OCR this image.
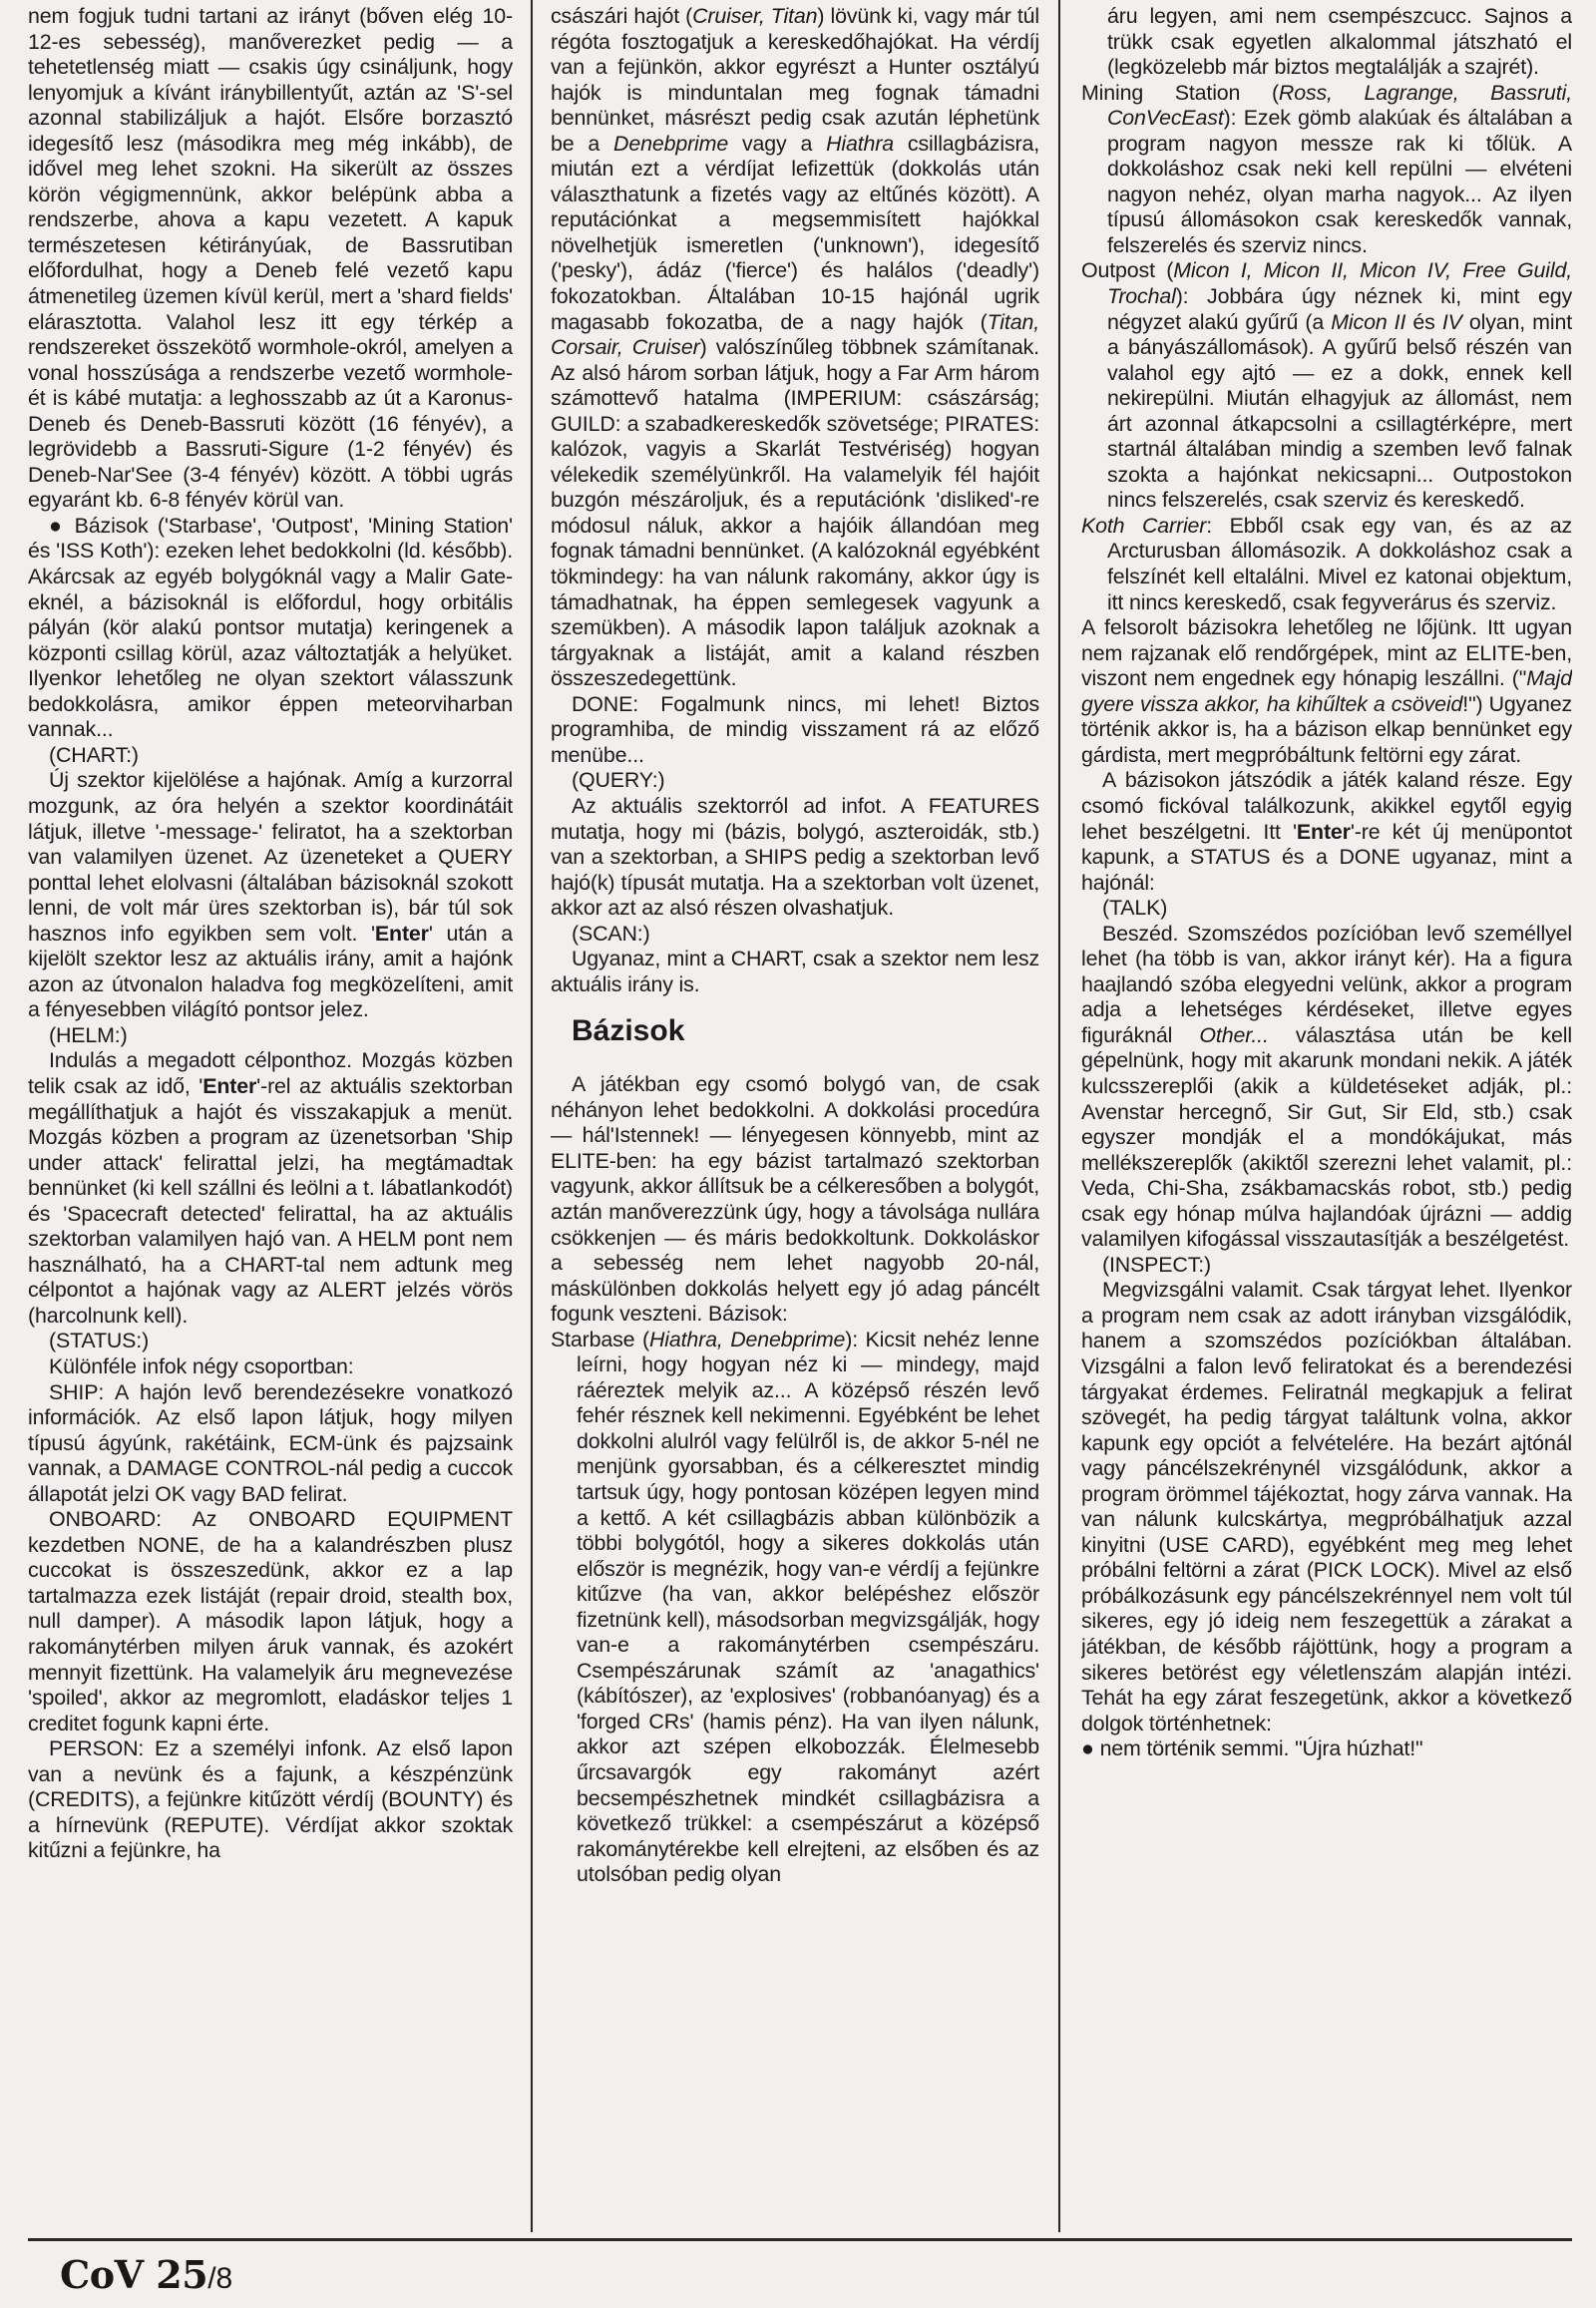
nem fogjuk tudni tartani az irányt (bőven elég 10-12-es sebesség), manőverezket pedig — a tehetetlenség miatt — csakis úgy csináljunk, hogy lenyomjuk a kívánt iránybillentyűt, aztán az 'S'-sel azonnal stabilizáljuk a hajót. Elsőre borzasztó idegesítő lesz (másodikra meg még inkább), de idővel meg lehet szokni. Ha sikerült az összes körön végigmennünk, akkor belépünk abba a rendszerbe, ahova a kapu vezetett. A kapuk természetesen kétirányúak, de Bassrutiban előfordulhat, hogy a Deneb felé vezető kapu átmenetileg üzemen kívül kerül, mert a 'shard fields' elárasztotta. Valahol lesz itt egy térkép a rendszereket összekötő wormhole-okról, amelyen a vonal hosszúsága a rendszerbe vezető wormhole-ét is kábé mutatja: a leghosszabb az út a Karonus-Deneb és Deneb-Bassruti között (16 fényév), a legrövidebb a Bassruti-Sigure (1-2 fényév) és Deneb-Nar'See (3-4 fényév) között. A többi ugrás egyaránt kb. 6-8 fényév körül van.

● Bázisok ('Starbase', 'Outpost', 'Mining Station' és 'ISS Koth'): ezeken lehet bedokkolni (ld. később). Akárcsak az egyéb bolygóknál vagy a Malir Gate-eknél, a bázisoknál is előfordul, hogy orbitális pályán (kör alakú pontsor mutatja) keringenek a központi csillag körül, azaz változtatják a helyüket. Ilyenkor lehetőleg ne olyan szektort válasszunk bedokkolásra, amikor éppen meteorviharban vannak...

(CHART:)

Új szektor kijelölése a hajónak. Amíg a kurzorral mozgunk, az óra helyén a szektor koordinátáit látjuk, illetve '-message-' feliratot, ha a szektorban van valamilyen üzenet. Az üzeneteket a QUERY ponttal lehet elolvasni (általában bázisoknál szokott lenni, de volt már üres szektorban is), bár túl sok hasznos info egyikben sem volt. 'Enter' után a kijelölt szektor lesz az aktuális irány, amit a hajónk azon az útvonalon haladva fog megközelíteni, amit a fényesebben világító pontsor jelez.

(HELM:)

Indulás a megadott célponthoz. Mozgás közben telik csak az idő, 'Enter'-rel az aktuális szektorban megállíthatjuk a hajót és visszakapjuk a menüt. Mozgás közben a program az üzenetsorban 'Ship under attack' felirattal jelzi, ha megtámadtak bennünket (ki kell szállni és leölni a t. lábatlankodót) és 'Spacecraft detected' felirattal, ha az aktuális szektorban valamilyen hajó van. A HELM pont nem használható, ha a CHART-tal nem adtunk meg célpontot a hajónak vagy az ALERT jelzés vörös (harcolnunk kell).

(STATUS:)

Különféle infok négy csoportban:

SHIP: A hajón levő berendezésekre vonatkozó információk. Az első lapon látjuk, hogy milyen típusú ágyúnk, rakétáink, ECM-ünk és pajzsaink vannak, a DAMAGE CONTROL-nál pedig a cuccok állapotát jelzi OK vagy BAD felirat.

ONBOARD: Az ONBOARD EQUIPMENT kezdetben NONE, de ha a kalandrészben plusz cuccokat is összeszedünk, akkor ez a lap tartalmazza ezek listáját (repair droid, stealth box, null damper). A második lapon látjuk, hogy a rakománytérben milyen áruk vannak, és azokért mennyit fizettünk. Ha valamelyik áru megnevezése 'spoiled', akkor az megromlott, eladáskor teljes 1 creditet fogunk kapni érte.

PERSON: Ez a személyi infonk. Az első lapon van a nevünk és a fajunk, a készpénzünk (CREDITS), a fejünkre kitűzött vérdíj (BOUNTY) és a hírnevünk (REPUTE). Vérdíjat akkor szoktak kitűzni a fejünkre, ha

császári hajót (Cruiser, Titan) lövünk ki, vagy már túl régóta fosztogatjuk a kereskedőhajókat. Ha vérdíj van a fejünkön, akkor egyrészt a Hunter osztályú hajók is minduntalan meg fognak támadni bennünket, másrészt pedig csak azután léphetünk be a Denebprime vagy a Hiathra csillagbázisra, miután ezt a vérdíjat lefizettük (dokkolás után választhatunk a fizetés vagy az eltűnés között). A reputációnkat a megsemmisített hajókkal növelhetjük ismeretlen ('unknown'), idegesítő ('pesky'), ádáz ('fierce') és halálos ('deadly') fokozatokban. Általában 10-15 hajónál ugrik magasabb fokozatba, de a nagy hajók (Titan, Corsair, Cruiser) valószínűleg többnek számítanak. Az alsó három sorban látjuk, hogy a Far Arm három számottevő hatalma (IMPERIUM: császárság; GUILD: a szabadkereskedők szövetsége; PIRATES: kalózok, vagyis a Skarlát Testvériség) hogyan vélekedik személyünkről. Ha valamelyik fél hajóit buzgón mészároljuk, és a reputációnk 'disliked'-re módosul náluk, akkor a hajóik állandóan meg fognak támadni bennünket. (A kalózoknál egyébként tökmindegy: ha van nálunk rakomány, akkor úgy is támadhatnak, ha éppen semlegesek vagyunk a szemükben). A második lapon találjuk azoknak a tárgyaknak a listáját, amit a kaland részben összeszedegettünk.

DONE: Fogalmunk nincs, mi lehet! Biztos programhiba, de mindig visszament rá az előző menübe...

(QUERY:)

Az aktuális szektorról ad infot. A FEATURES mutatja, hogy mi (bázis, bolygó, aszteroidák, stb.) van a szektorban, a SHIPS pedig a szektorban levő hajó(k) típusát mutatja. Ha a szektorban volt üzenet, akkor azt az alsó részen olvashatjuk.

(SCAN:)

Ugyanaz, mint a CHART, csak a szektor nem lesz aktuális irány is.

Bázisok

A játékban egy csomó bolygó van, de csak néhányon lehet bedokkolni. A dokkolási procedúra — hál'Istennek! — lényegesen könnyebb, mint az ELITE-ben: ha egy bázist tartalmazó szektorban vagyunk, akkor állítsuk be a célkeresőben a bolygót, aztán manőverezzünk úgy, hogy a távolsága nullára csökkenjen — és máris bedokkoltunk. Dokkoláskor a sebesség nem lehet nagyobb 20-nál, máskülönben dokkolás helyett egy jó adag páncélt fogunk veszteni. Bázisok:

Starbase (Hiathra, Denebprime): Kicsit nehéz lenne leírni, hogy hogyan néz ki — mindegy, majd ráéreztek melyik az... A középső részén levő fehér résznek kell nekimenni. Egyébként be lehet dokkolni alulról vagy felülről is, de akkor 5-nél ne menjünk gyorsabban, és a célkeresztet mindig tartsuk úgy, hogy pontosan középen legyen mind a kettő. A két csillagbázis abban különbözik a többi bolygótól, hogy a sikeres dokkolás után először is megnézik, hogy van-e vérdíj a fejünkre kitűzve (ha van, akkor belépéshez először fizetnünk kell), másodsorban megvizsgálják, hogy van-e a rakománytérben csempészáru. Csempészárunak számít az 'anagathics' (kábítószer), az 'explosives' (robbanóanyag) és a 'forged CRs' (hamis pénz). Ha van ilyen nálunk, akkor azt szépen elkobozzák. Élelmesebb űrcsavargók egy rakományt azért becsempészhetnek mindkét csillagbázisra a következő trükkel: a csempészárut a középső rakománytérekbe kell elrejteni, az elsőben és az utolsóban pedig olyan

áru legyen, ami nem csempészcucc. Sajnos a trükk csak egyetlen alkalommal játszható el (legközelebb már biztos megtalálják a szajrét).

Mining Station (Ross, Lagrange, Bassruti, ConVecEast): Ezek gömb alakúak és általában a program nagyon messze rak ki tőlük. A dokkoláshoz csak neki kell repülni — elvéteni nagyon nehéz, olyan marha nagyok... Az ilyen típusú állomásokon csak kereskedők vannak, felszerelés és szerviz nincs.

Outpost (Micon I, Micon II, Micon IV, Free Guild, Trochal): Jobbára úgy néznek ki, mint egy négyzet alakú gyűrű (a Micon II és IV olyan, mint a bányászállomások). A gyűrű belső részén van valahol egy ajtó — ez a dokk, ennek kell nekirepülni. Miután elhagyjuk az állomást, nem árt azonnal átkapcsolni a csillagtérképre, mert startnál általában mindig a szemben levő falnak szokta a hajónkat nekicsapni... Outpostokon nincs felszerelés, csak szerviz és kereskedő.

Koth Carrier: Ebből csak egy van, és az az Arcturusban állomásozik. A dokkoláshoz csak a felszínét kell eltalálni. Mivel ez katonai objektum, itt nincs kereskedő, csak fegyverárus és szerviz.

A felsorolt bázisokra lehetőleg ne lőjünk. Itt ugyan nem rajzanak elő rendőrgépek, mint az ELITE-ben, viszont nem engednek egy hónapig leszállni. ("Majd gyere vissza akkor, ha kihűltek a csöveid!") Ugyanez történik akkor is, ha a bázison elkap bennünket egy gárdista, mert megpróbáltunk feltörni egy zárat.

A bázisokon játszódik a játék kaland része. Egy csomó fickóval találkozunk, akikkel egytől egyig lehet beszélgetni. Itt 'Enter'-re két új menüpontot kapunk, a STATUS és a DONE ugyanaz, mint a hajónál:

(TALK)

Beszéd. Szomszédos pozícióban levő személlyel lehet (ha több is van, akkor irányt kér). Ha a figura haajlandó szóba elegyedni velünk, akkor a program adja a lehetséges kérdéseket, illetve egyes figuráknál Other... választása után be kell gépelnünk, hogy mit akarunk mondani nekik. A játék kulcsszereplői (akik a küldetéseket adják, pl.: Avenstar hercegnő, Sir Gut, Sir Eld, stb.) csak egyszer mondják el a mondókájukat, más mellékszereplők (akiktől szerezni lehet valamit, pl.: Veda, Chi-Sha, zsákbamacskás robot, stb.) pedig csak egy hónap múlva hajlandóak újrázni — addig valamilyen kifogással visszautasítják a beszélgetést.

(INSPECT:)

Megvizsgálni valamit. Csak tárgyat lehet. Ilyenkor a program nem csak az adott irányban vizsgálódik, hanem a szomszédos pozíciókban általában. Vizsgálni a falon levő feliratokat és a berendezési tárgyakat érdemes. Feliratnál megkapjuk a felirat szövegét, ha pedig tárgyat találtunk volna, akkor kapunk egy opciót a felvételére. Ha bezárt ajtónál vagy páncélszekrénynél vizsgálódunk, akkor a program örömmel tájékoztat, hogy zárva vannak. Ha van nálunk kulcskártya, megpróbálhatjuk azzal kinyitni (USE CARD), egyébként meg meg lehet próbálni feltörni a zárat (PICK LOCK). Mivel az első próbálkozásunk egy páncélszekrénnyel nem volt túl sikeres, egy jó ideig nem feszegettük a zárakat a játékban, de később rájöttünk, hogy a program a sikeres betörést egy véletlenszám alapján intézi. Tehát ha egy zárat feszegetünk, akkor a következő dolgok történhetnek:

● nem történik semmi. "Újra húzhat!"

CoV 25/8
